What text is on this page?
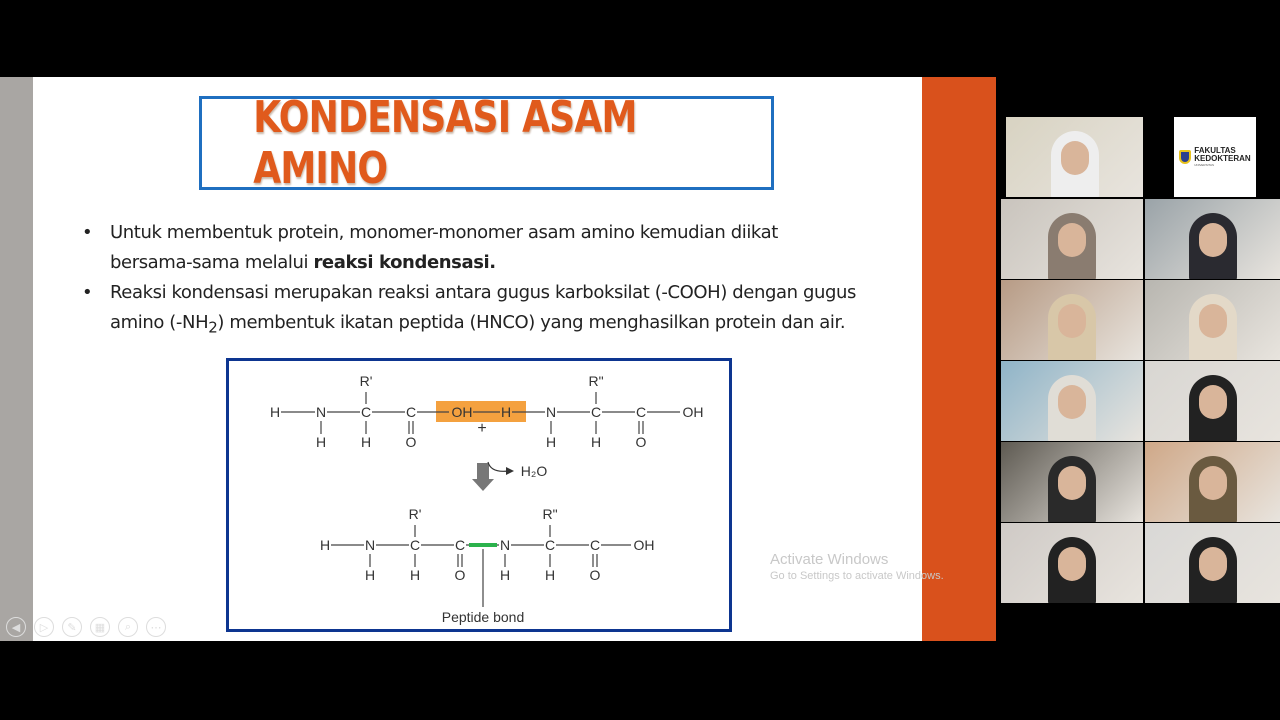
KONDENSASI ASAM AMINO
• Untuk membentuk protein, monomer-monomer asam amino kemudian diikat bersama-sama melalui reaksi kondensasi.
• Reaksi kondensasi merupakan reaksi antara gugus karboksilat (-COOH) dengan gugus amino $(-NH_2)$ membentuk ikatan peptida (HNCO) yang menghasilkan protein dan air.
H	N C C	OH H N C C	OH
H H O	H H O
R'	R"
H N C C N C C OH
H H O H H O
R'	R"
+
H₂O
Peptide bond
Activate Windows
Go to Settings to activate Windows.
◀	▷	✎	▦	⌕	⋯
FAKULTAS
KEDOKTERAN
UNIVERSITAS
